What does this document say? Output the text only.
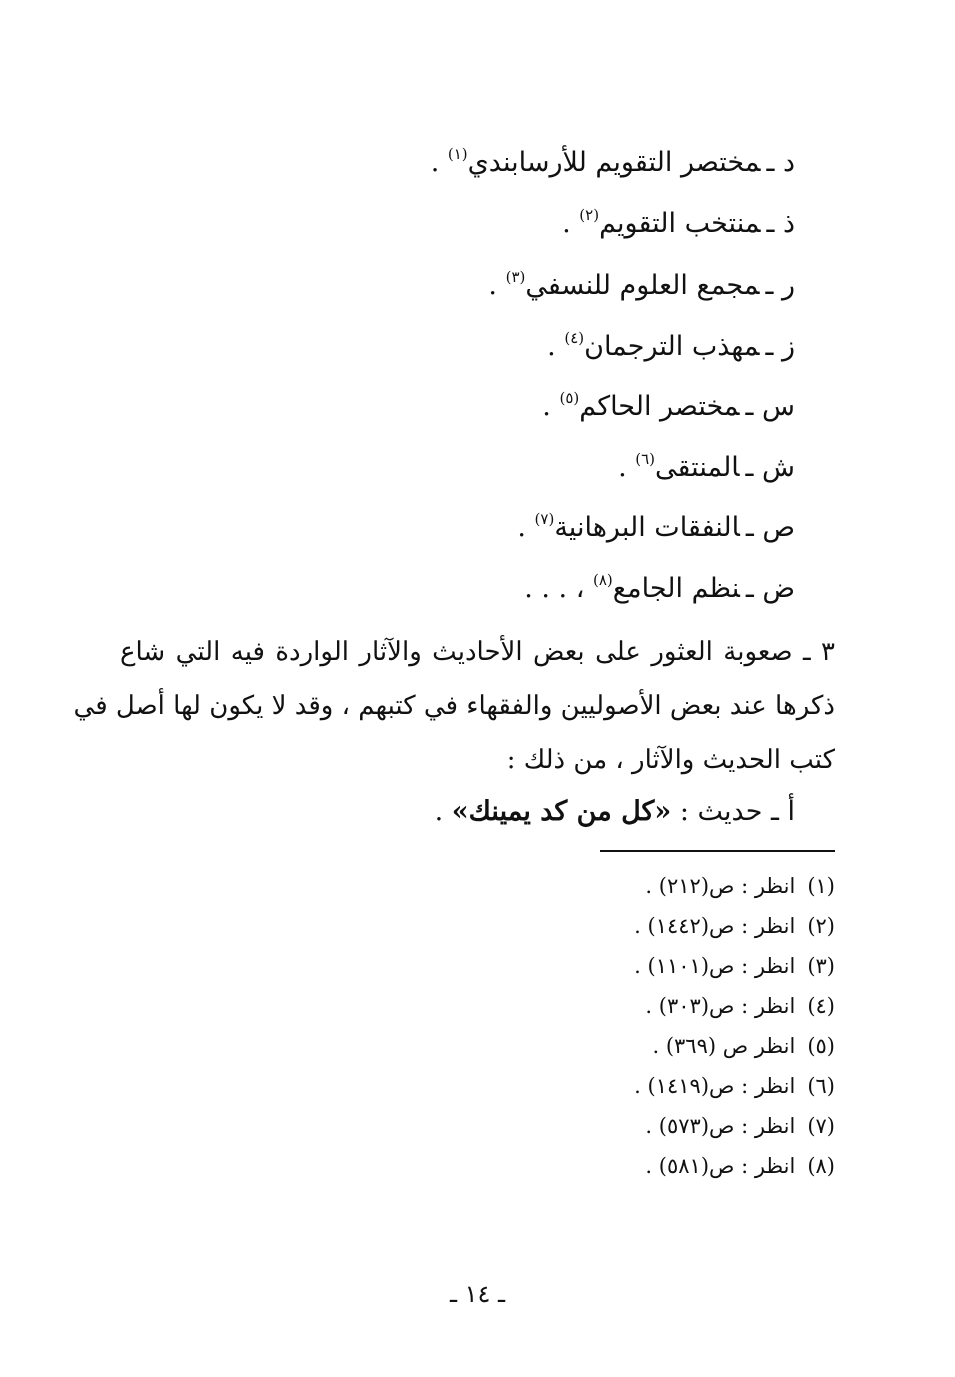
د ـمختصر التقويم للأرسابندي$^{(١)}$ .
ذ ـمنتخب التقويم$^{(٢)}$ .
ر ـمجمع العلوم للنسفي$^{(٣)}$ .
ز ـمهذب الترجمان$^{(٤)}$ .
س ـمختصر الحاكم$^{(٥)}$ .
ش ـالمنتقى$^{(٦)}$ .
ص ـالنفقات البرهانية$^{(٧)}$ .
ض ـنظم الجامع$^{(٨)}$ ، . . .
٣ ـ صعوبة العثور على بعض الأحاديث والآثار الواردة فيه التي شاع
ذكرها عند بعض الأصوليين والفقهاء في كتبهم ، وقد لا يكون لها أصل في
كتب الحديث والآثار ، من ذلك :
أ ـ حديث : «كل من كد يمينك» .
(١)انظر : ص(٢١٢) .
(٢)انظر : ص(١٤٤٢) .
(٣)انظر : ص(١١٠١) .
(٤)انظر : ص(٣٠٣) .
(٥)انظر ص (٣٦٩) .
(٦)انظر : ص(١٤١٩) .
(٧)انظر : ص(٥٧٣) .
(٨)انظر : ص(٥٨١) .
ـ ١٤ ـ
